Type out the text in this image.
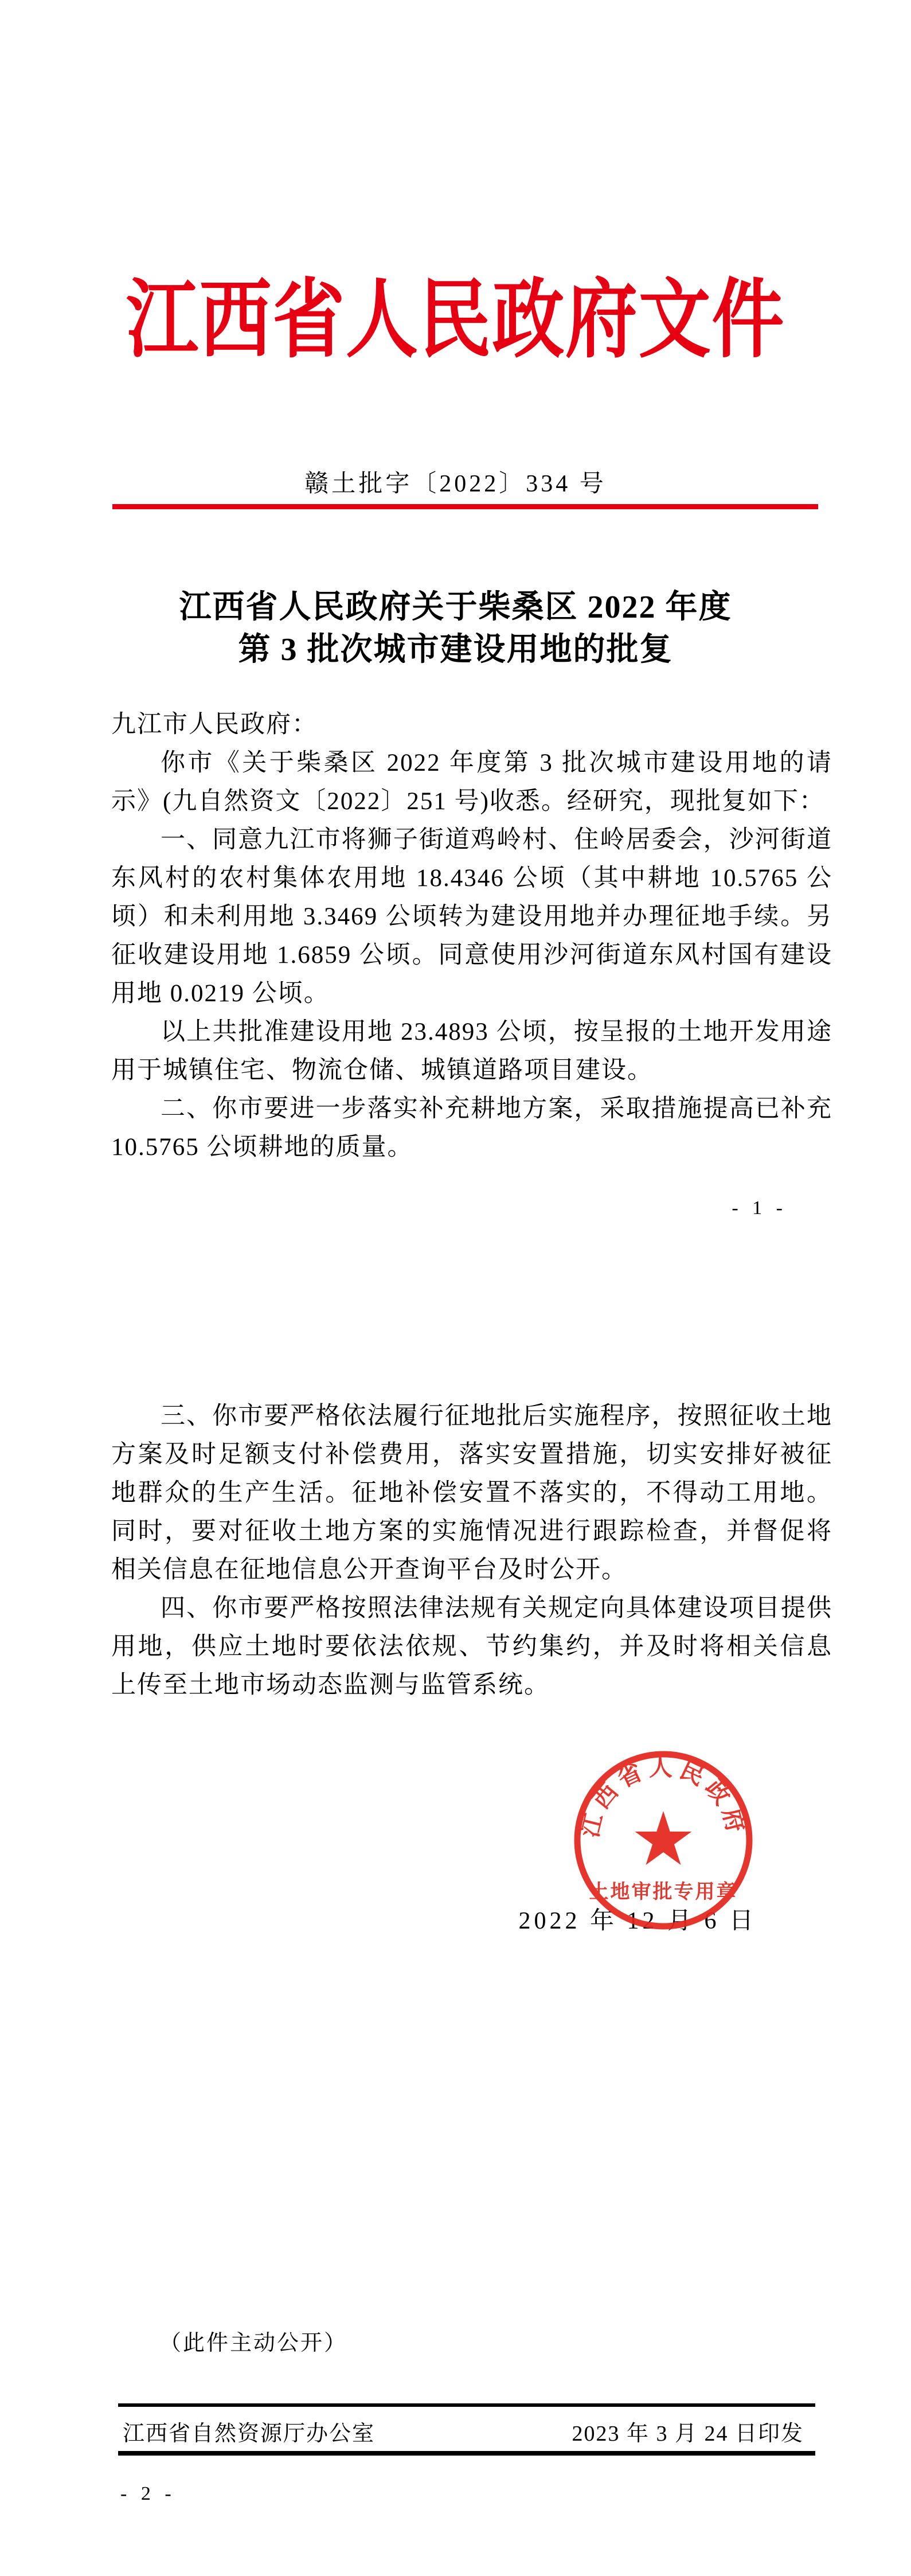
江西省人民政府文件
赣土批字〔2022〕334 号
江西省人民政府关于柴桑区 2022 年度
第 3 批次城市建设用地的批复
九江市人民政府：
你市《关于柴桑区 2022 年度第 3 批次城市建设用地的请示》(九自然资文〔2022〕251 号)收悉。经研究，现批复如下：
一、同意九江市将狮子街道鸡岭村、住岭居委会，沙河街道东风村的农村集体农用地 18.4346 公顷（其中耕地 10.5765 公顷）和未利用地 3.3469 公顷转为建设用地并办理征地手续。另征收建设用地 1.6859 公顷。同意使用沙河街道东风村国有建设用地 0.0219 公顷。
以上共批准建设用地 23.4893 公顷，按呈报的土地开发用途用于城镇住宅、物流仓储、城镇道路项目建设。
二、你市要进一步落实补充耕地方案，采取措施提高已补充 10.5765 公顷耕地的质量。
- 1 -
三、你市要严格依法履行征地批后实施程序，按照征收土地方案及时足额支付补偿费用，落实安置措施，切实安排好被征地群众的生产生活。征地补偿安置不落实的，不得动工用地。同时，要对征收土地方案的实施情况进行跟踪检查，并督促将相关信息在征地信息公开查询平台及时公开。
四、你市要严格按照法律法规有关规定向具体建设项目提供用地，供应土地时要依法依规、节约集约，并及时将相关信息上传至土地市场动态监测与监管系统。
2022 年 12 月 6 日
江西省人民政府
土地审批专用章
（此件主动公开）
江西省自然资源厅办公室	2023 年 3 月 24 日印发
- 2 -
